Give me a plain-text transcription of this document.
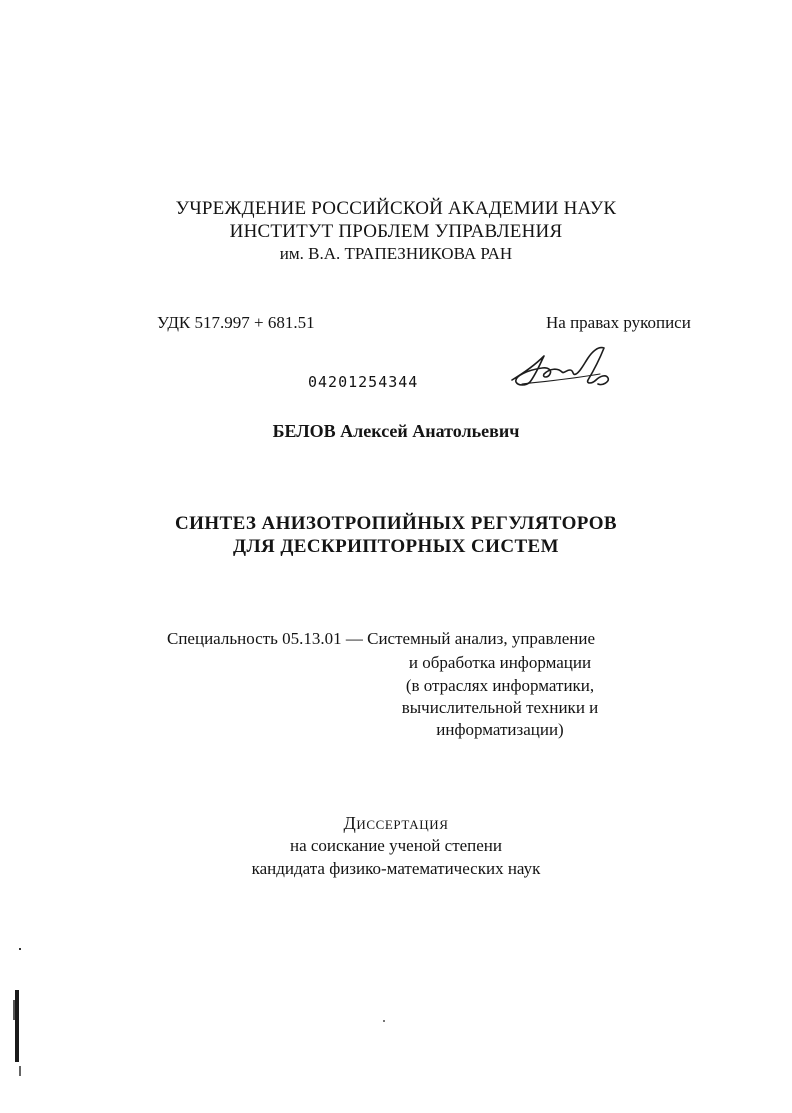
УЧРЕЖДЕНИЕ РОССИЙСКОЙ АКАДЕМИИ НАУК
ИНСТИТУТ ПРОБЛЕМ УПРАВЛЕНИЯ
им. В.А. ТРАПЕЗНИКОВА РАН
УДК 517.997 + 681.51	На правах рукописи
04201254344
БЕЛОВ Алексей Анатольевич
СИНТЕЗ АНИЗОТРОПИЙНЫХ РЕГУЛЯТОРОВ
ДЛЯ ДЕСКРИПТОРНЫХ СИСТЕМ
Специальность 05.13.01 — Системный анализ, управление
и обработка информации
(в отраслях информатики,
вычислительной техники и
информатизации)
Диссертация
на соискание ученой степени
кандидата физико-математических наук
